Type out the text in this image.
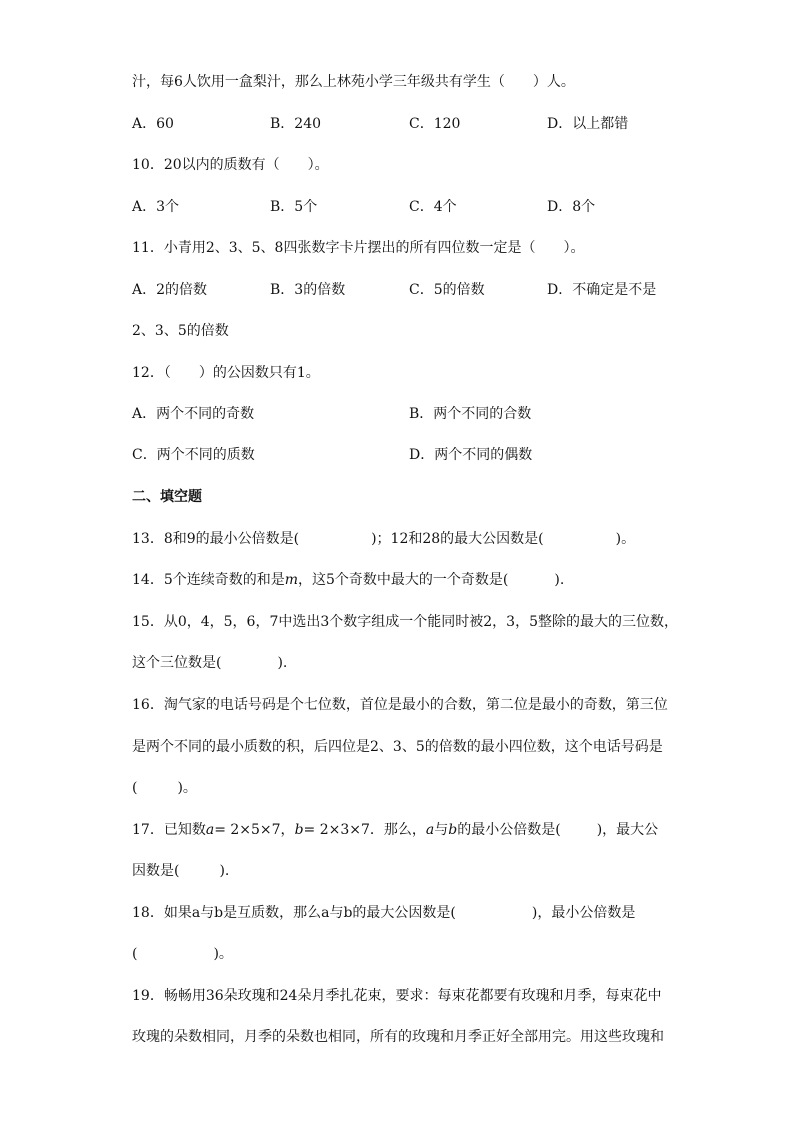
汁，每6人饮用一盒梨汁，那么上林苑小学三年级共有学生（　　）人。
A．60	B．240	C．120	D．以上都错
10．20以内的质数有（　　）。
A．3个	B．5个	C．4个	D．8个
11．小青用2、3、5、8四张数字卡片摆出的所有四位数一定是（　　）。
A．2的倍数	B．3的倍数	C．5的倍数	D．不确定是不是
2、3、5的倍数
12．（　　）的公因数只有1。
A．两个不同的奇数	B．两个不同的合数
C．两个不同的质数	D．两个不同的偶数
二、填空题
13．8和9的最小公倍数是(	)；12和28的最大公因数是(	)。
14．5个连续奇数的和是m，这5个奇数中最大的一个奇数是(	).
15．从0，4，5，6，7中选出3个数字组成一个能同时被2，3，5整除的最大的三位数，
这个三位数是(	).
16．淘气家的电话号码是个七位数，首位是最小的合数，第二位是最小的奇数，第三位
是两个不同的最小质数的积，后四位是2、3、5的倍数的最小四位数，这个电话号码是
(	)。
17．已知数a= 2×5×7，b= 2×3×7．那么，a与b的最小公倍数是(	)，最大公
因数是(	).
18．如果a与b是互质数，那么a与b的最大公因数是(	)，最小公倍数是
(	)。
19．畅畅用36朵玫瑰和24朵月季扎花束，要求：每束花都要有玫瑰和月季，每束花中
玫瑰的朵数相同，月季的朵数也相同，所有的玫瑰和月季正好全部用完。用这些玫瑰和
